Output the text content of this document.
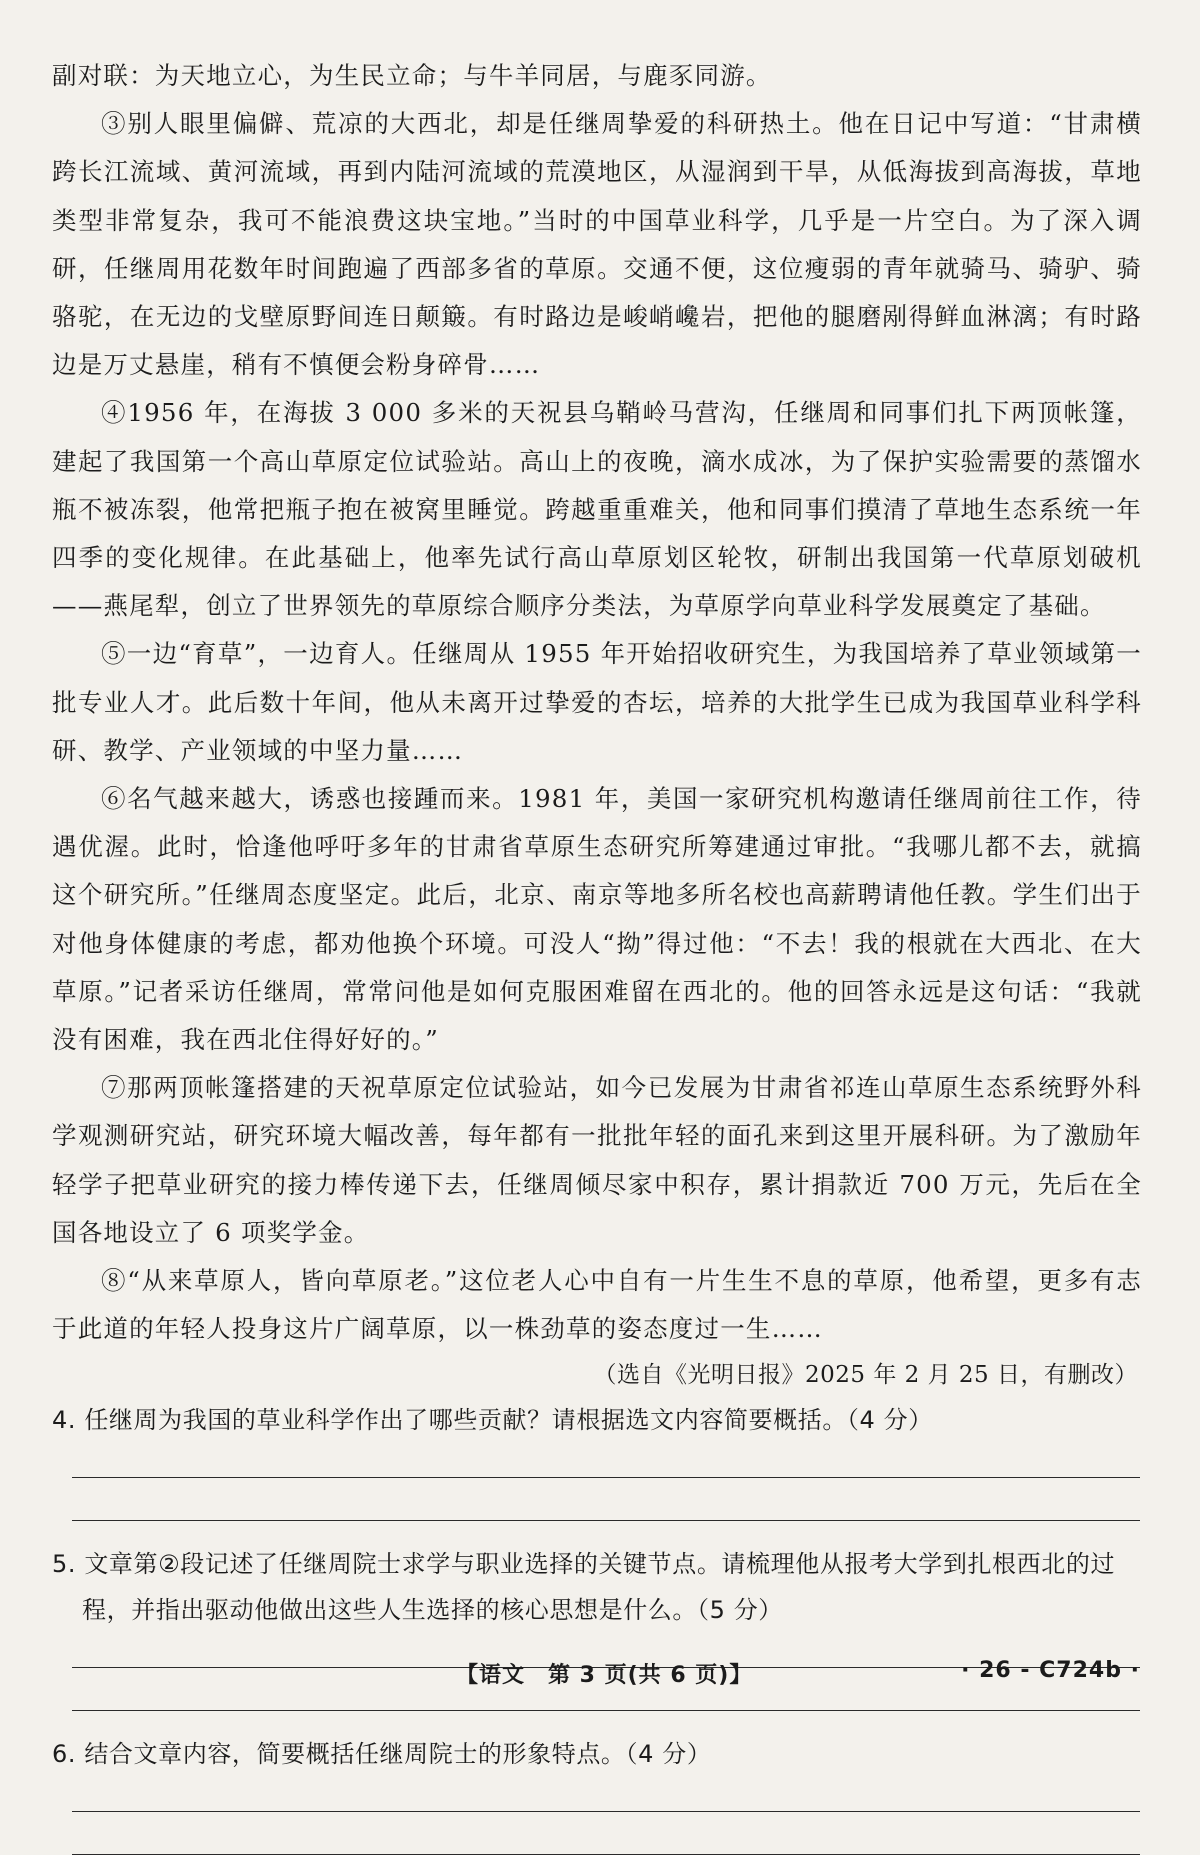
副对联：为天地立心，为生民立命；与牛羊同居，与鹿豕同游。

③别人眼里偏僻、荒凉的大西北，却是任继周挚爱的科研热土。他在日记中写道：“甘肃横跨长江流域、黄河流域，再到内陆河流域的荒漠地区，从湿润到干旱，从低海拔到高海拔，草地类型非常复杂，我可不能浪费这块宝地。”当时的中国草业科学，几乎是一片空白。为了深入调研，任继周用花数年时间跑遍了西部多省的草原。交通不便，这位瘦弱的青年就骑马、骑驴、骑骆驼，在无边的戈壁原野间连日颠簸。有时路边是峻峭巉岩，把他的腿磨剐得鲜血淋漓；有时路边是万丈悬崖，稍有不慎便会粉身碎骨……

④1956 年，在海拔 3 000 多米的天祝县乌鞘岭马营沟，任继周和同事们扎下两顶帐篷，建起了我国第一个高山草原定位试验站。高山上的夜晚，滴水成冰，为了保护实验需要的蒸馏水瓶不被冻裂，他常把瓶子抱在被窝里睡觉。跨越重重难关，他和同事们摸清了草地生态系统一年四季的变化规律。在此基础上，他率先试行高山草原划区轮牧，研制出我国第一代草原划破机——燕尾犁，创立了世界领先的草原综合顺序分类法，为草原学向草业科学发展奠定了基础。

⑤一边“育草”，一边育人。任继周从 1955 年开始招收研究生，为我国培养了草业领域第一批专业人才。此后数十年间，他从未离开过挚爱的杏坛，培养的大批学生已成为我国草业科学科研、教学、产业领域的中坚力量……

⑥名气越来越大，诱惑也接踵而来。1981 年，美国一家研究机构邀请任继周前往工作，待遇优渥。此时，恰逢他呼吁多年的甘肃省草原生态研究所筹建通过审批。“我哪儿都不去，就搞这个研究所。”任继周态度坚定。此后，北京、南京等地多所名校也高薪聘请他任教。学生们出于对他身体健康的考虑，都劝他换个环境。可没人“拗”得过他：“不去！我的根就在大西北、在大草原。”记者采访任继周，常常问他是如何克服困难留在西北的。他的回答永远是这句话：“我就没有困难，我在西北住得好好的。”

⑦那两顶帐篷搭建的天祝草原定位试验站，如今已发展为甘肃省祁连山草原生态系统野外科学观测研究站，研究环境大幅改善，每年都有一批批年轻的面孔来到这里开展科研。为了激励年轻学子把草业研究的接力棒传递下去，任继周倾尽家中积存，累计捐款近 700 万元，先后在全国各地设立了 6 项奖学金。

⑧“从来草原人，皆向草原老。”这位老人心中自有一片生生不息的草原，他希望，更多有志于此道的年轻人投身这片广阔草原，以一株劲草的姿态度过一生……

（选自《光明日报》2025 年 2 月 25 日，有删改）

4. 任继周为我国的草业科学作出了哪些贡献？请根据选文内容简要概括。（4 分）

5. 文章第②段记述了任继周院士求学与职业选择的关键节点。请梳理他从报考大学到扎根西北的过程，并指出驱动他做出这些人生选择的核心思想是什么。（5 分）

6. 结合文章内容，简要概括任继周院士的形象特点。（4 分）

【语文　第 3 页(共 6 页)】	· 26 - C724b ·
